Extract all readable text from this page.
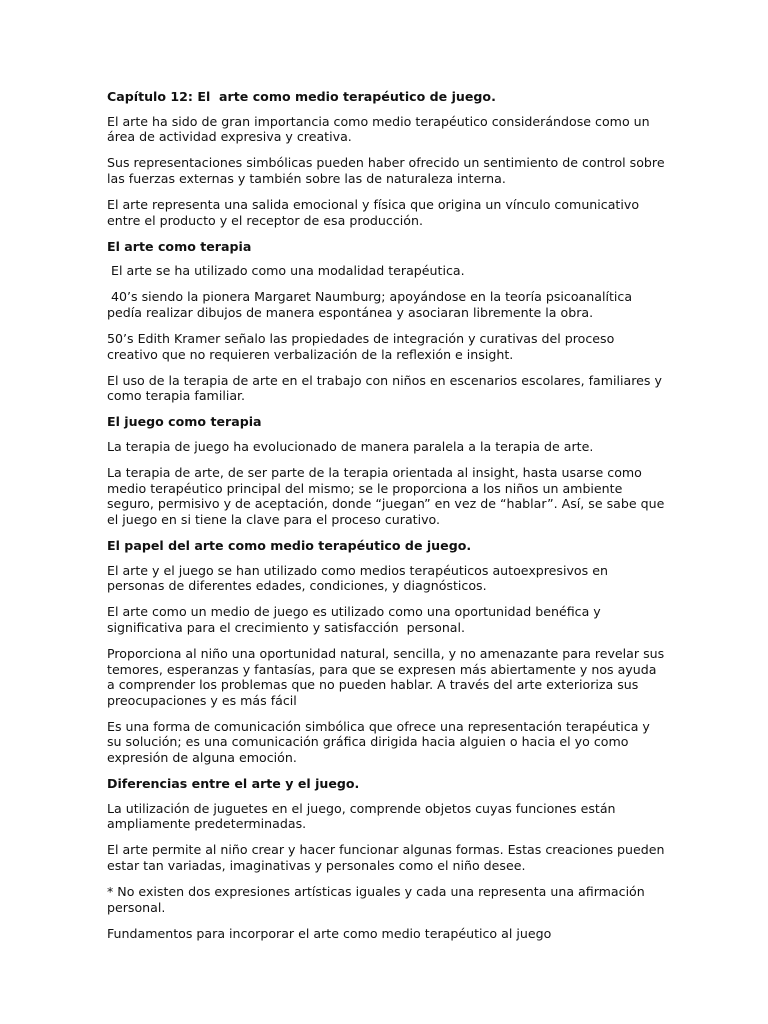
Capítulo 12: El  arte como medio terapéutico de juego.
El arte ha sido de gran importancia como medio terapéutico considerándose como un área de actividad expresiva y creativa.
Sus representaciones simbólicas pueden haber ofrecido un sentimiento de control sobre las fuerzas externas y también sobre las de naturaleza interna.
El arte representa una salida emocional y física que origina un vínculo comunicativo entre el producto y el receptor de esa producción.
El arte como terapia
El arte se ha utilizado como una modalidad terapéutica.
40’s siendo la pionera Margaret Naumburg; apoyándose en la teoría psicoanalítica pedía realizar dibujos de manera espontánea y asociaran libremente la obra.
50’s Edith Kramer señalo las propiedades de integración y curativas del proceso creativo que no requieren verbalización de la reflexión e insight.
El uso de la terapia de arte en el trabajo con niños en escenarios escolares, familiares y como terapia familiar.
El juego como terapia
La terapia de juego ha evolucionado de manera paralela a la terapia de arte.
La terapia de arte, de ser parte de la terapia orientada al insight, hasta usarse como medio terapéutico principal del mismo; se le proporciona a los niños un ambiente seguro, permisivo y de aceptación, donde “juegan” en vez de “hablar”. Así, se sabe que el juego en si tiene la clave para el proceso curativo.
El papel del arte como medio terapéutico de juego.
El arte y el juego se han utilizado como medios terapéuticos autoexpresivos en personas de diferentes edades, condiciones, y diagnósticos.
El arte como un medio de juego es utilizado como una oportunidad benéfica y significativa para el crecimiento y satisfacción  personal.
Proporciona al niño una oportunidad natural, sencilla, y no amenazante para revelar sus temores, esperanzas y fantasías, para que se expresen más abiertamente y nos ayuda a comprender los problemas que no pueden hablar. A través del arte exterioriza sus preocupaciones y es más fácil
Es una forma de comunicación simbólica que ofrece una representación terapéutica y su solución; es una comunicación gráfica dirigida hacia alguien o hacia el yo como expresión de alguna emoción.
Diferencias entre el arte y el juego.
La utilización de juguetes en el juego, comprende objetos cuyas funciones están ampliamente predeterminadas.
El arte permite al niño crear y hacer funcionar algunas formas. Estas creaciones pueden estar tan variadas, imaginativas y personales como el niño desee.
* No existen dos expresiones artísticas iguales y cada una representa una afirmación personal.
Fundamentos para incorporar el arte como medio terapéutico al juego
